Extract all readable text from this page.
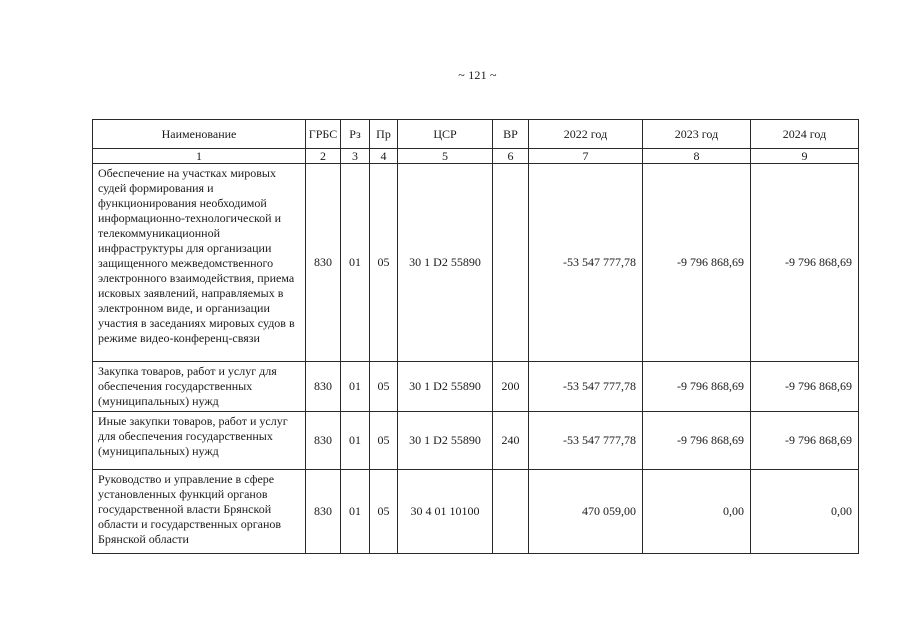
~ 121 ~
Наименование	ГРБС	Рз	Пр	ЦСР	ВР	2022 год	2023 год	2024 год
1	2	3	4	5	6	7	8	9
Обеспечение на участках мировых судей формирования и функционирования необходимой информационно-технологической и телекоммуникационной инфраструктуры для организации защищенного межведомственного электронного взаимодействия, приема исковых заявлений, направляемых в электронном виде, и организации участия в заседаниях мировых судов в режиме видео-конференц-связи	830	01	05	30 1 D2 55890		-53 547 777,78	-9 796 868,69	-9 796 868,69
Закупка товаров, работ и услуг для обеспечения государственных (муниципальных) нужд	830	01	05	30 1 D2 55890	200	-53 547 777,78	-9 796 868,69	-9 796 868,69
Иные закупки товаров, работ и услуг для обеспечения государственных (муниципальных) нужд	830	01	05	30 1 D2 55890	240	-53 547 777,78	-9 796 868,69	-9 796 868,69
Руководство и управление в сфере установленных функций органов государственной власти Брянской области и государственных органов Брянской области	830	01	05	30 4 01 10100		470 059,00	0,00	0,00
